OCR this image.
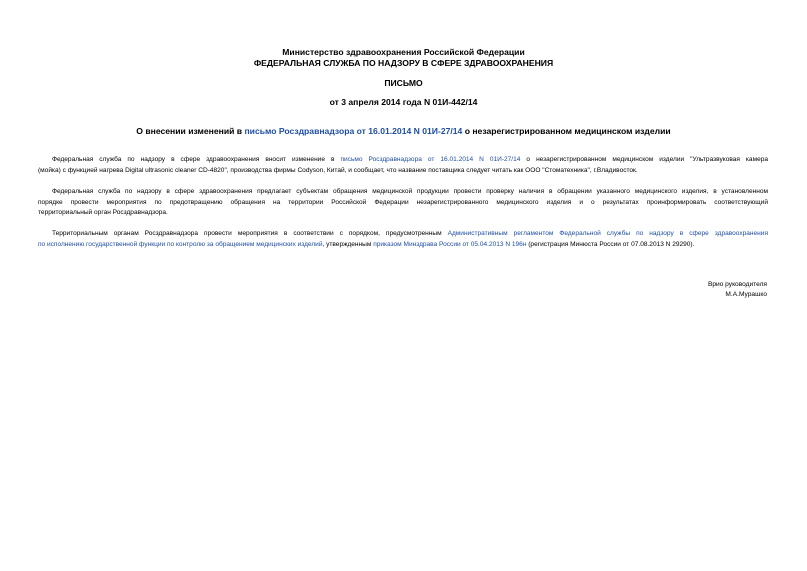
Министерство здравоохранения Российской Федерации
ФЕДЕРАЛЬНАЯ СЛУЖБА ПО НАДЗОРУ В СФЕРЕ ЗДРАВООХРАНЕНИЯ
ПИСЬМО
от 3 апреля 2014 года N 01И-442/14
О внесении изменений в письмо Росздравнадзора от 16.01.2014 N 01И-27/14 о незарегистрированном медицинском изделии
Федеральная служба по надзору в сфере здравоохранения вносит изменение в письмо Росздравнадзора от 16.01.2014 N 01И-27/14 о незарегистрированном медицинском изделии "Ультразвуковая камера
(мойка) с функцией нагрева Digital ultrasonic cleaner CD-4820", производства фирмы Codyson, Китай, и сообщает, что название поставщика следует читать как ООО "Стоматехника", г.Владивосток.
Федеральная служба по надзору в сфере здравоохранения предлагает субъектам обращения медицинской продукции провести проверку наличия в обращении указанного медицинского изделия, в установленном
порядке провести мероприятия по предотвращению обращения на территории Российской Федерации незарегистрированного медицинского изделия и о результатах проинформировать соответствующий
территориальный орган Росздравнадзора.
Территориальным органам Росздравнадзора провести мероприятия в соответствии с порядком, предусмотренным Административным регламентом Федеральной службы по надзору в сфере здравоохранения
по исполнению государственной функции по контролю за обращением медицинских изделий, утвержденным приказом Минздрава России от 05.04.2013 N 196н (регистрация Минюста России от 07.08.2013 N 29290).
Врио руководителя
М.А.Мурашко
